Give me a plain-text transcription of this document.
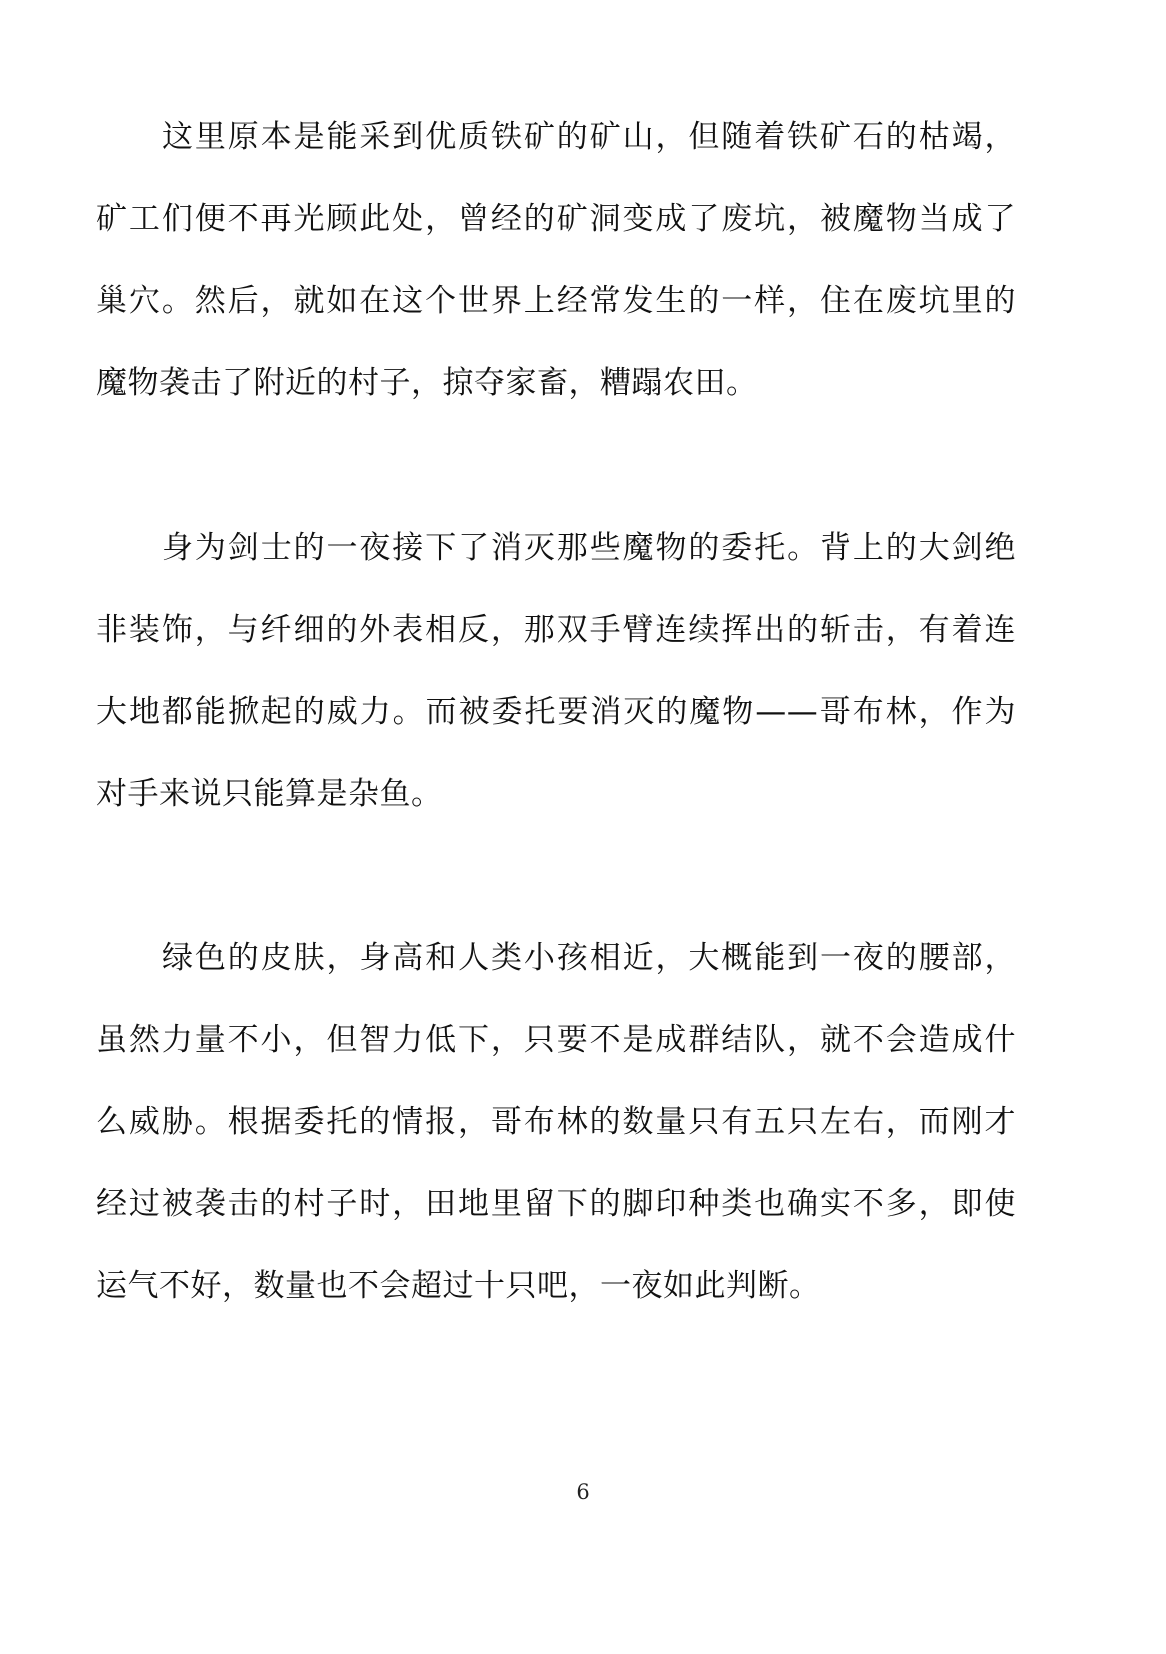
这里原本是能采到优质铁矿的矿山，但随着铁矿石的枯竭，
矿工们便不再光顾此处，曾经的矿洞变成了废坑，被魔物当成了
巢穴。然后，就如在这个世界上经常发生的一样，住在废坑里的
魔物袭击了附近的村子，掠夺家畜，糟蹋农田。
身为剑士的一夜接下了消灭那些魔物的委托。背上的大剑绝
非装饰，与纤细的外表相反，那双手臂连续挥出的斩击，有着连
大地都能掀起的威力。而被委托要消灭的魔物——哥布林，作为
对手来说只能算是杂鱼。
绿色的皮肤，身高和人类小孩相近，大概能到一夜的腰部，
虽然力量不小，但智力低下，只要不是成群结队，就不会造成什
么威胁。根据委托的情报，哥布林的数量只有五只左右，而刚才
经过被袭击的村子时，田地里留下的脚印种类也确实不多，即使
运气不好，数量也不会超过十只吧，一夜如此判断。
6
